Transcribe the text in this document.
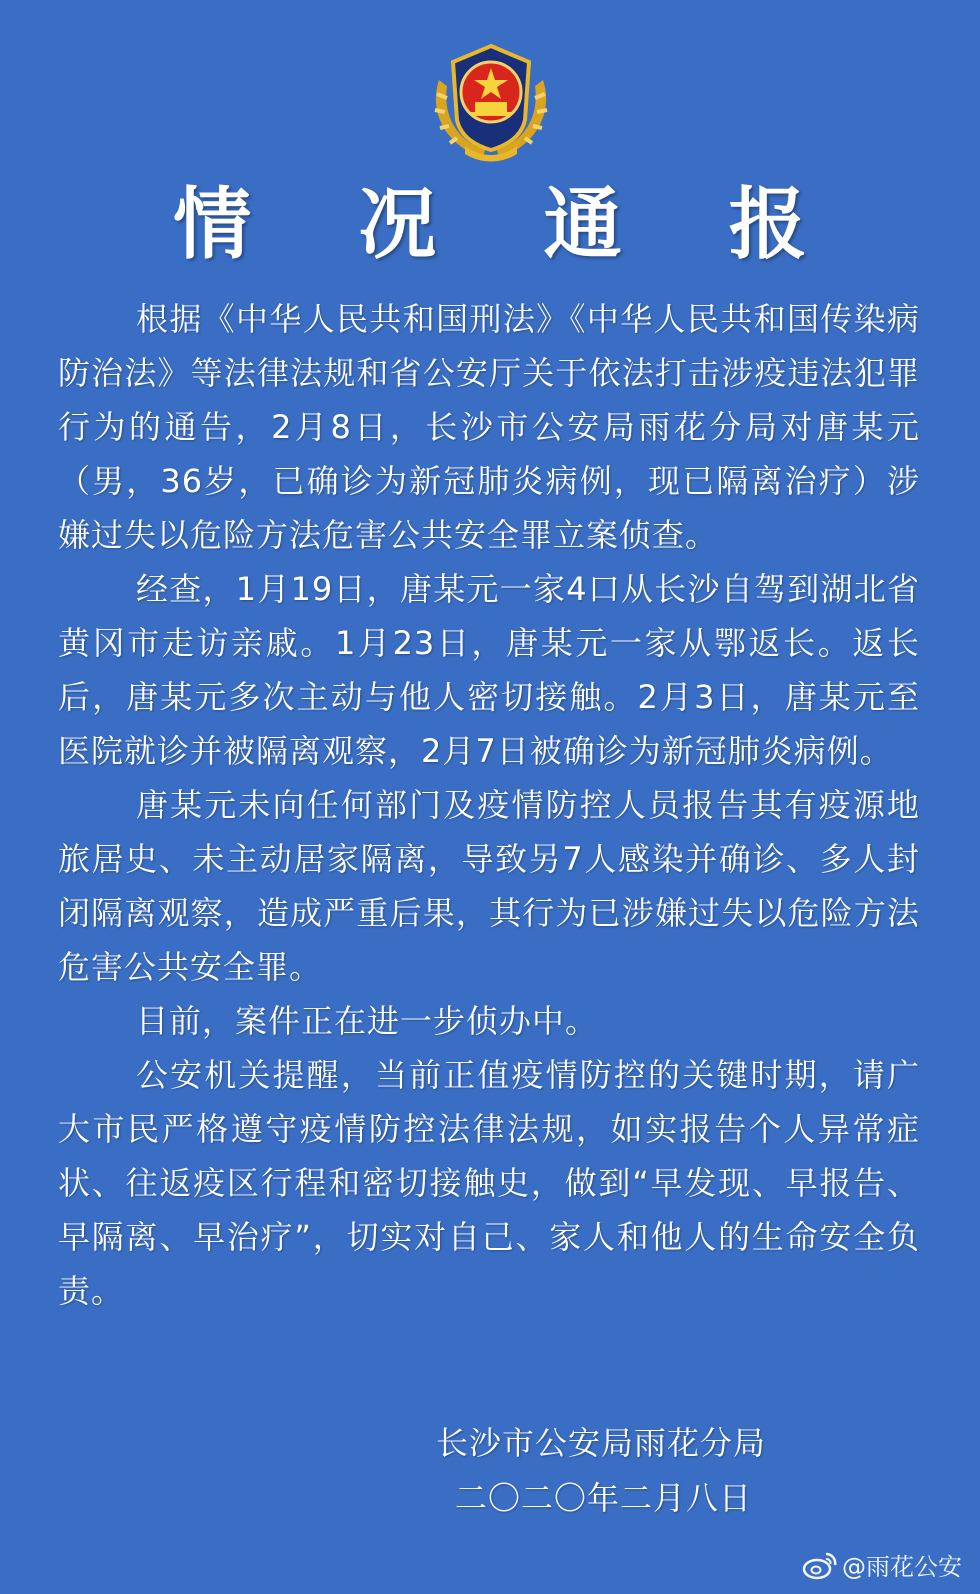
情 况 通 报

根据《中华人民共和国刑法》《中华人民共和国传染病防治法》等法律法规和省公安厅关于依法打击涉疫违法犯罪行为的通告，2月8日，长沙市公安局雨花分局对唐某元（男，36岁，已确诊为新冠肺炎病例，现已隔离治疗）涉嫌过失以危险方法危害公共安全罪立案侦查。

经查，1月19日，唐某元一家4口从长沙自驾到湖北省黄冈市走访亲戚。1月23日，唐某元一家从鄂返长。返长后，唐某元多次主动与他人密切接触。2月3日，唐某元至医院就诊并被隔离观察，2月7日被确诊为新冠肺炎病例。

唐某元未向任何部门及疫情防控人员报告其有疫源地旅居史、未主动居家隔离，导致另7人感染并确诊、多人封闭隔离观察，造成严重后果，其行为已涉嫌过失以危险方法危害公共安全罪。

目前，案件正在进一步侦办中。

公安机关提醒，当前正值疫情防控的关键时期，请广大市民严格遵守疫情防控法律法规，如实报告个人异常症状、往返疫区行程和密切接触史，做到“早发现、早报告、早隔离、早治疗”，切实对自己、家人和他人的生命安全负责。

长沙市公安局雨花分局
二〇二〇年二月八日
@雨花公安
